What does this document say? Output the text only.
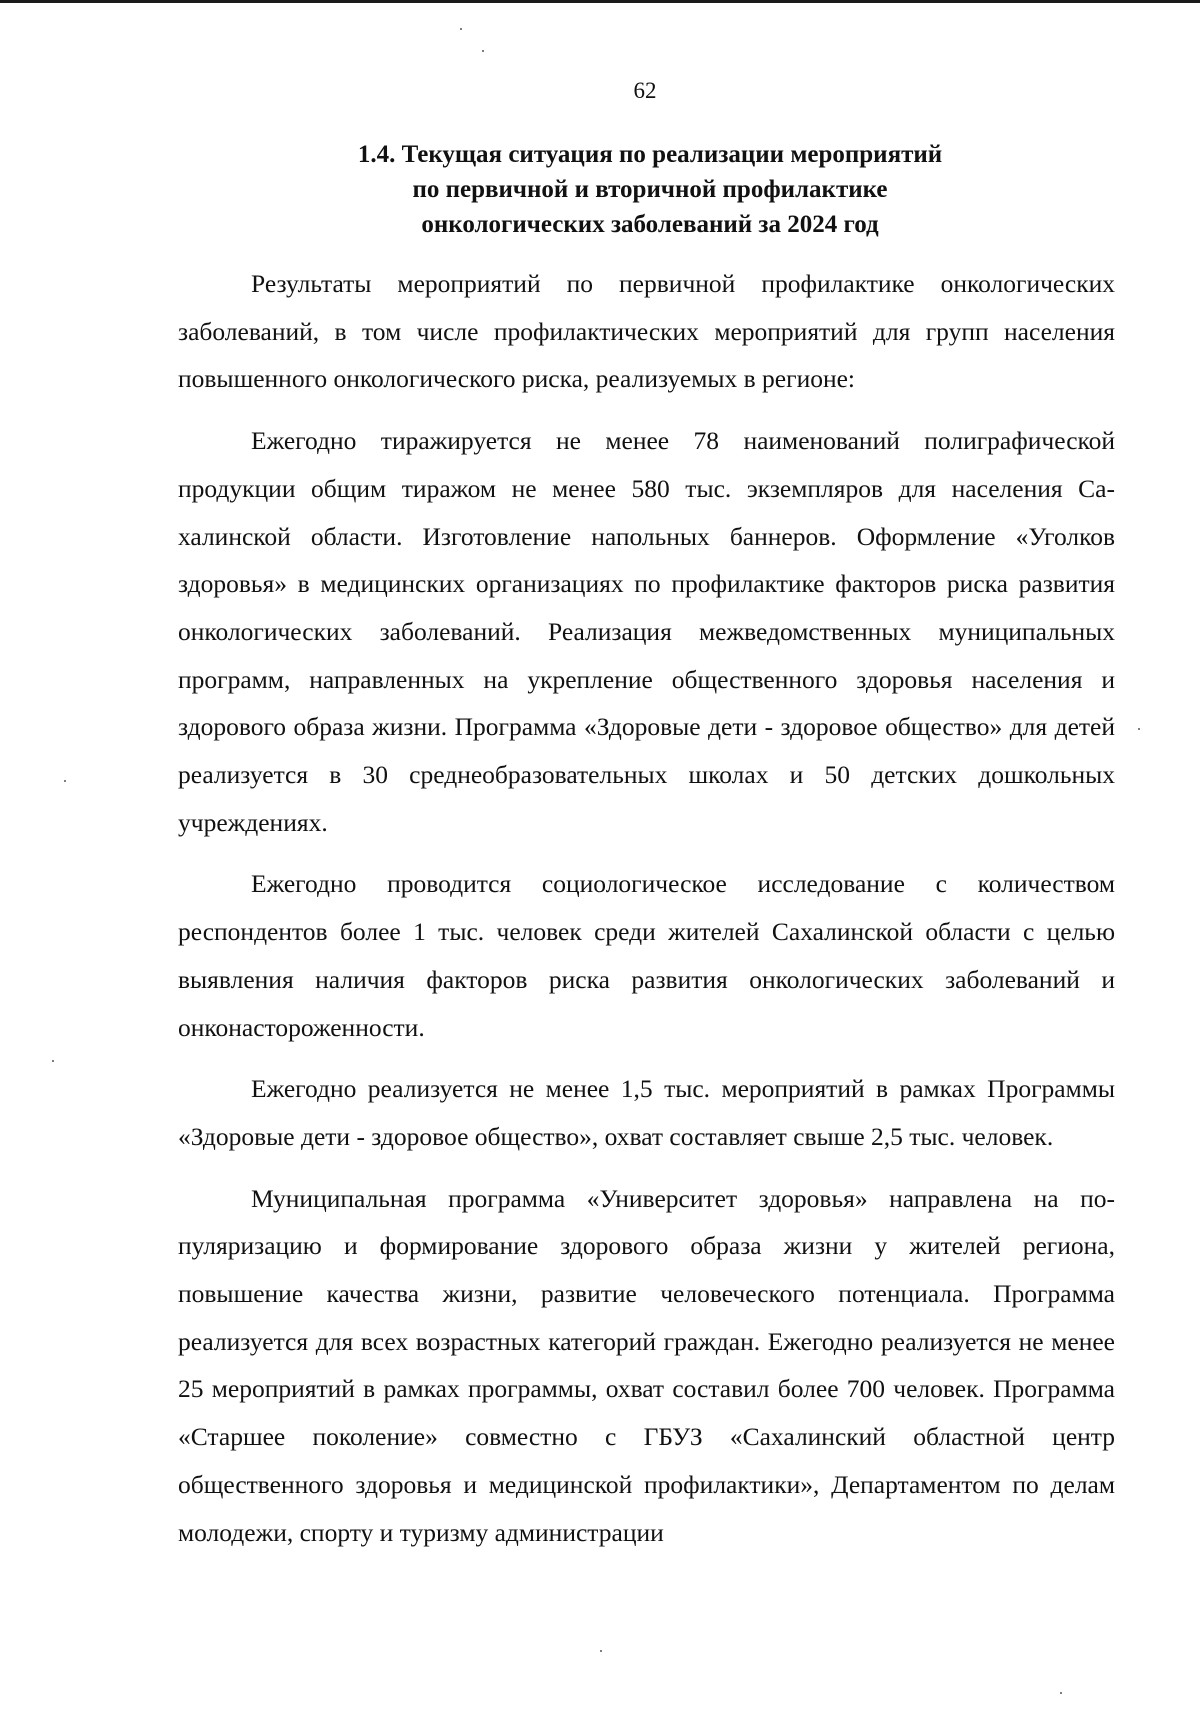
62
1.4. Текущая ситуация по реализации мероприятий
по первичной и вторичной профилактике
онкологических заболеваний за 2024 год

Результаты мероприятий по первичной профилактике онкологических заболеваний, в том числе профилактических мероприятий для групп населения повышенного онкологического риска, реализуемых в регионе:

Ежегодно тиражируется не менее 78 наименований полиграфической продукции общим тиражом не менее 580 тыс. экземпляров для населения Сахалинской области. Изготовление напольных баннеров. Оформление «Уголков здоровья» в медицинских организациях по профилактике факторов риска развития онкологических заболеваний. Реализация межведомственных муниципальных программ, направленных на укрепление общественного здоровья населения и здорового образа жизни. Программа «Здоровые дети - здоровое общество» для детей реализуется в 30 среднеобразовательных школах и 50 детских дошкольных учреждениях.

Ежегодно проводится социологическое исследование с количеством респондентов более 1 тыс. человек среди жителей Сахалинской области с целью выявления наличия факторов риска развития онкологических заболеваний и онконастороженности.

Ежегодно реализуется не менее 1,5 тыс. мероприятий в рамках Программы «Здоровые дети - здоровое общество», охват составляет свыше 2,5 тыс. человек.

Муниципальная программа «Университет здоровья» направлена на популяризацию и формирование здорового образа жизни у жителей региона, повышение качества жизни, развитие человеческого потенциала. Программа реализуется для всех возрастных категорий граждан. Ежегодно реализуется не менее 25 мероприятий в рамках программы, охват составил более 700 человек. Программа «Старшее поколение» совместно с ГБУЗ «Сахалинский областной центр общественного здоровья и медицинской профилактики», Департаментом по делам молодежи, спорту и туризму администрации
